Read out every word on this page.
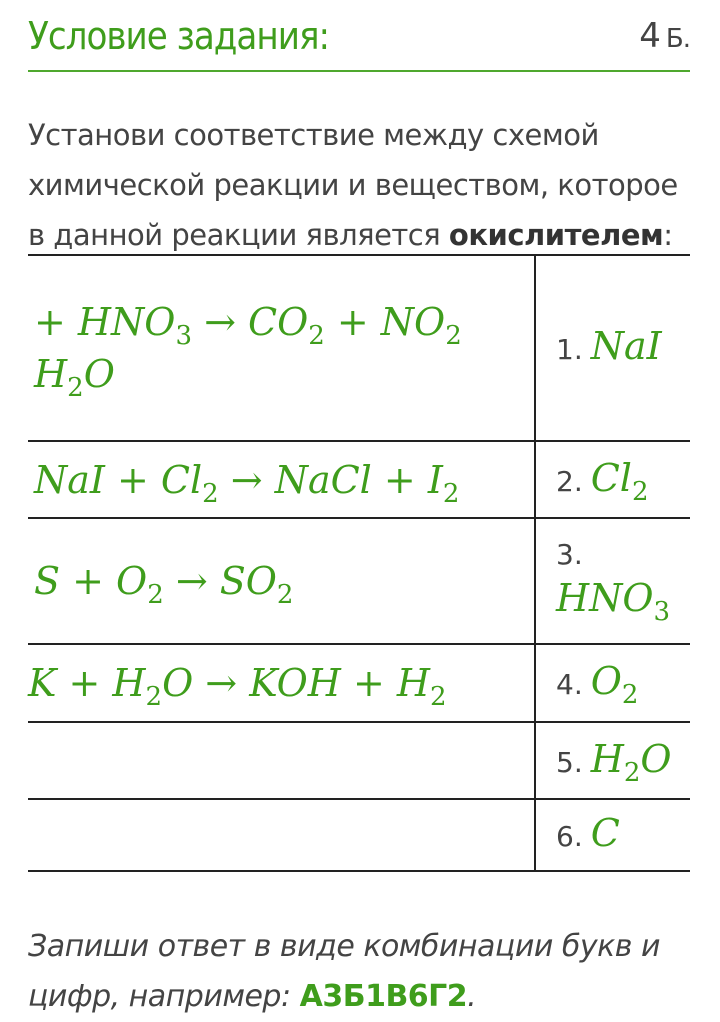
Условие задания:	4 Б.
Установи соответствие между схемой химической реакции и веществом, которое в данной реакции является окислителем:
+ $HNO_3 \to CO_2 + NO_2$
$H_2O$	1. NaI

NaI + $Cl_2$ → NaCl + $I_2$	2. $Cl_2$

$S + O_2 \to SO_2$	3.
$HNO_3$

$K + H_2O$ → KOH + $H_2$	4. $O_2$
	5. $H_2O$
	6. C
Запиши ответ в виде комбинации букв и цифр, например: А3Б1В6Г2.
